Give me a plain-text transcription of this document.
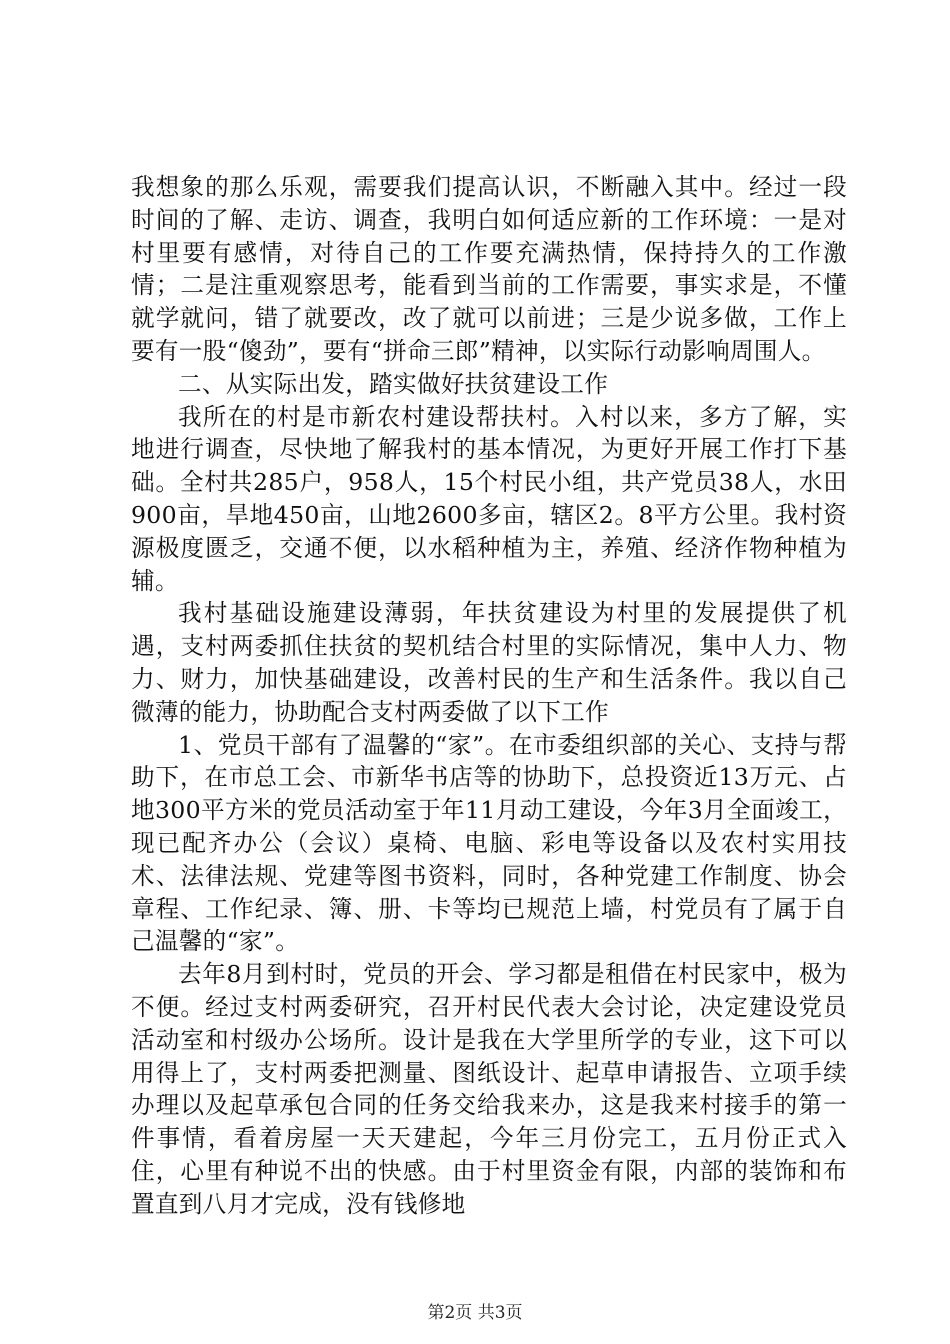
我想象的那么乐观，需要我们提高认识，不断融入其中。经过一段时间的了解、走访、调查，我明白如何适应新的工作环境：一是对村里要有感情，对待自己的工作要充满热情，保持持久的工作激情；二是注重观察思考，能看到当前的工作需要，事实求是，不懂就学就问，错了就要改，改了就可以前进；三是少说多做，工作上要有一股“傻劲”，要有“拼命三郎”精神，以实际行动影响周围人。

二、从实际出发，踏实做好扶贫建设工作

我所在的村是市新农村建设帮扶村。入村以来，多方了解，实地进行调查，尽快地了解我村的基本情况，为更好开展工作打下基础。全村共285户，958人，15个村民小组，共产党员38人，水田900亩，旱地450亩，山地2600多亩，辖区2。8平方公里。我村资源极度匮乏，交通不便，以水稻种植为主，养殖、经济作物种植为辅。

我村基础设施建设薄弱，年扶贫建设为村里的发展提供了机遇，支村两委抓住扶贫的契机结合村里的实际情况，集中人力、物力、财力，加快基础建设，改善村民的生产和生活条件。我以自己微薄的能力，协助配合支村两委做了以下工作

1、党员干部有了温馨的“家”。在市委组织部的关心、支持与帮助下，在市总工会、市新华书店等的协助下，总投资近13万元、占地300平方米的党员活动室于年11月动工建设，今年3月全面竣工，现已配齐办公（会议）桌椅、电脑、彩电等设备以及农村实用技术、法律法规、党建等图书资料，同时，各种党建工作制度、协会章程、工作纪录、簿、册、卡等均已规范上墙，村党员有了属于自己温馨的“家”。

去年8月到村时，党员的开会、学习都是租借在村民家中，极为不便。经过支村两委研究，召开村民代表大会讨论，决定建设党员活动室和村级办公场所。设计是我在大学里所学的专业，这下可以用得上了，支村两委把测量、图纸设计、起草申请报告、立项手续办理以及起草承包合同的任务交给我来办，这是我来村接手的第一件事情，看着房屋一天天建起，今年三月份完工，五月份正式入住，心里有种说不出的快感。由于村里资金有限，内部的装饰和布置直到八月才完成，没有钱修地

第2页 共3页
